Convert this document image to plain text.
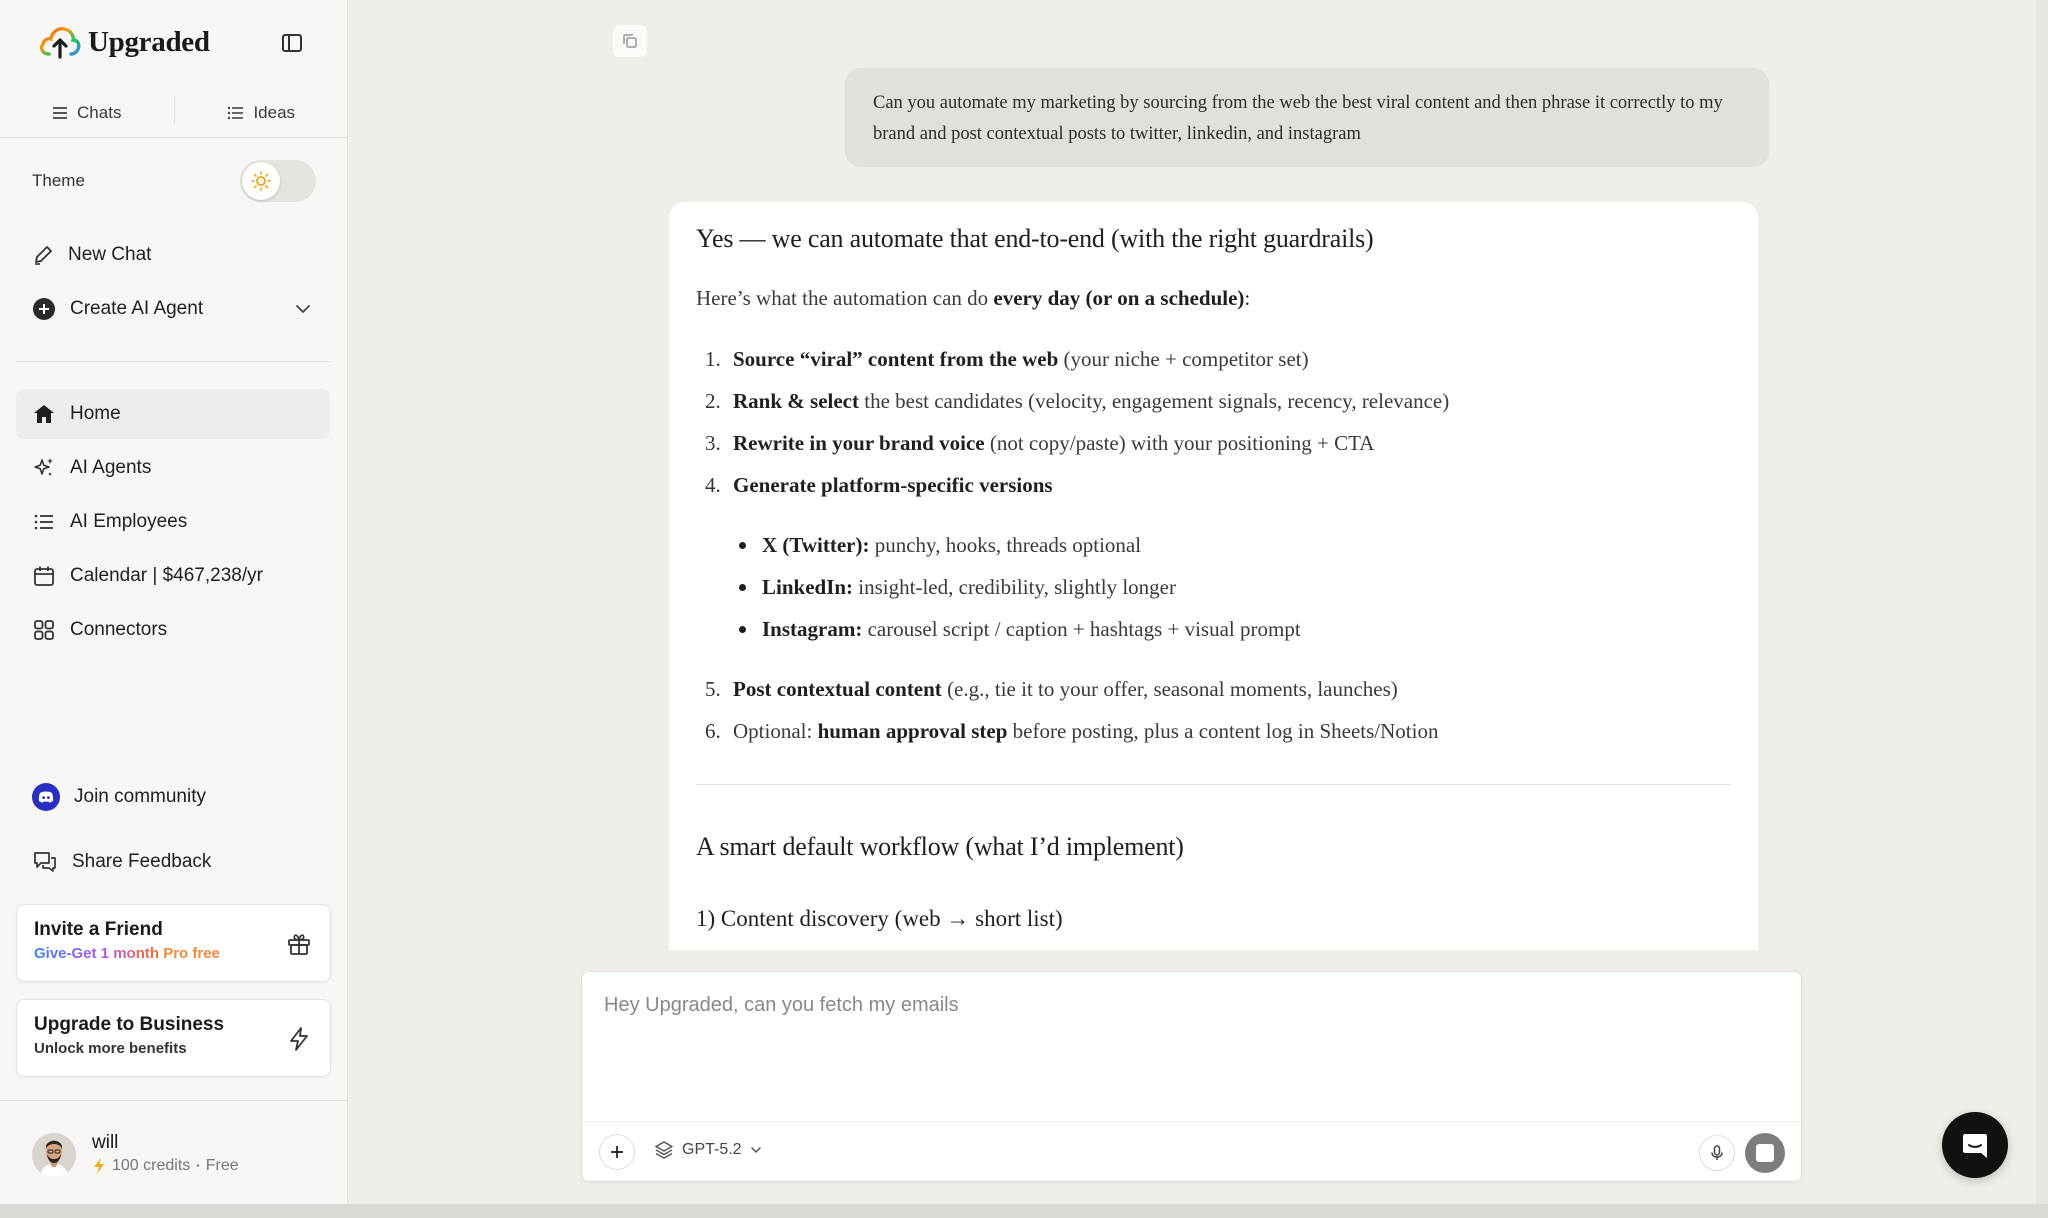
Upgraded
Chats	Ideas
Theme
New Chat
Create AI Agent
Home
AI Agents
AI Employees
Calendar | $467,238/yr
Connectors
Join community
Share Feedback
Invite a Friend
Give-Get 1 month Pro free
Upgrade to Business
Unlock more benefits
will
100 credits • Free
Can you automate my marketing by sourcing from the web the best viral content and then phrase it correctly to my brand and post contextual posts to twitter, linkedin, and instagram
Yes — we can automate that end-to-end (with the right guardrails)
Here’s what the automation can do every day (or on a schedule):
1. Source “viral” content from the web (your niche + competitor set)
2. Rank & select the best candidates (velocity, engagement signals, recency, relevance)
3. Rewrite in your brand voice (not copy/paste) with your positioning + CTA
4. Generate platform-specific versions
X (Twitter): punchy, hooks, threads optional
LinkedIn: insight-led, credibility, slightly longer
Instagram: carousel script / caption + hashtags + visual prompt
5. Post contextual content (e.g., tie it to your offer, seasonal moments, launches)
6. Optional: human approval step before posting, plus a content log in Sheets/Notion
A smart default workflow (what I’d implement)
1) Content discovery (web → short list)
Hey Upgraded, can you fetch my emails
GPT-5.2
